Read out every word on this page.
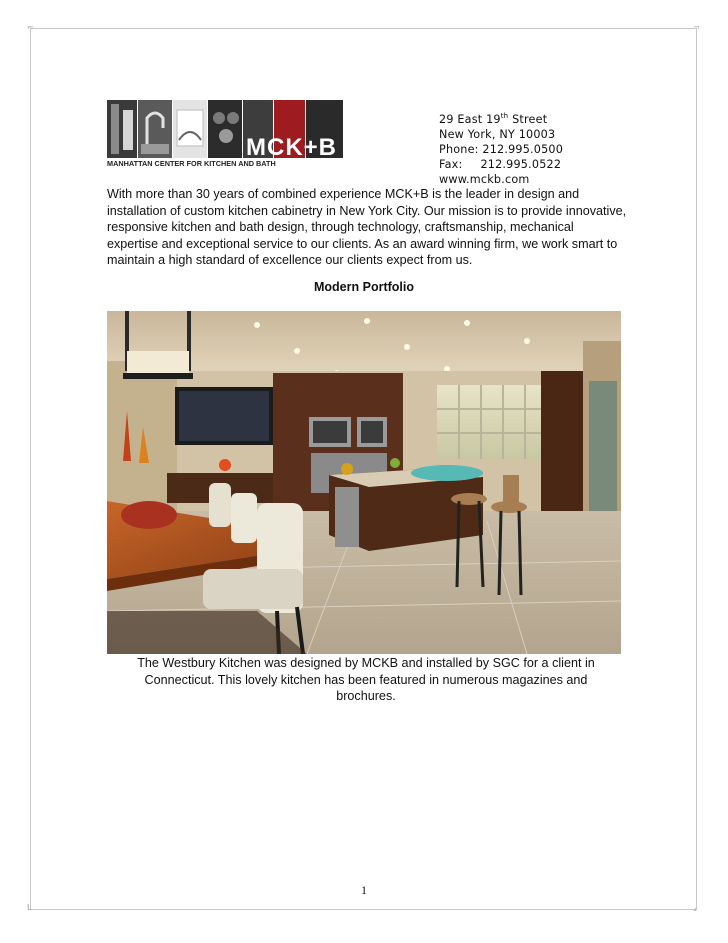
⌐	¬
L	⌟
MCK+B
MANHATTAN CENTER FOR KITCHEN AND BATH
29 East 19th Street
New York, NY 10003
Phone: 212.995.0500
Fax: 212.995.0522
www.mckb.com
With more than 30 years of combined experience MCK+B is the leader in design and installation of custom kitchen cabinetry in New York City. Our mission is to provide innovative, responsive kitchen and bath design, through technology, craftsmanship, mechanical expertise and exceptional service to our clients. As an award winning firm, we work smart to maintain a high standard of excellence our clients expect from us.
Modern Portfolio
The Westbury Kitchen was designed by MCKB and installed by SGC for a client in Connecticut. This lovely kitchen has been featured in numerous magazines and brochures.
1
